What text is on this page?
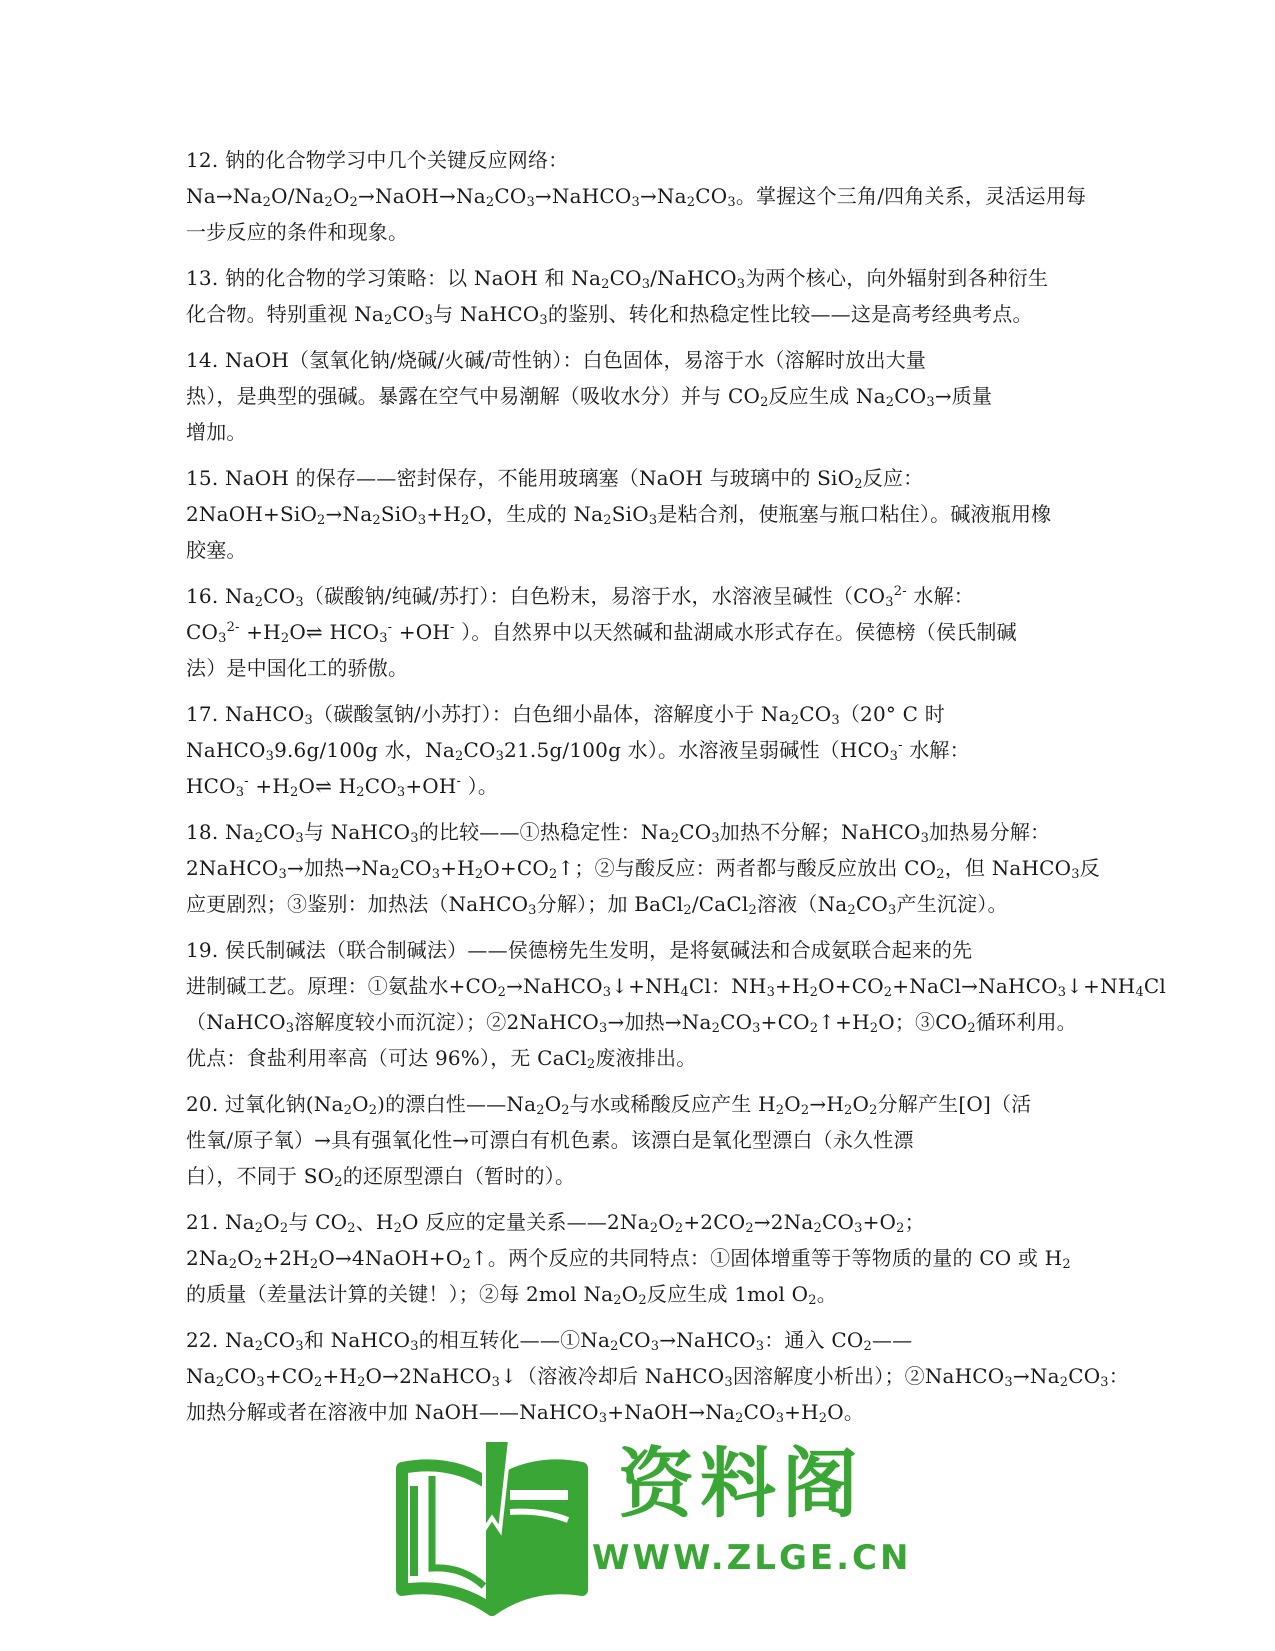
12. 钠的化合物学习中几个关键反应网络：
$Na\to Na_2O/Na_2O_2\to NaOH\to Na_2CO_3\to NaHCO_3\to Na_2CO_3$。掌握这个三角/四角关系，灵活运用每
一步反应的条件和现象。
13. 钠的化合物的学习策略：以 NaOH 和 $Na_2CO_3/NaHCO_3$为两个核心，向外辐射到各种衍生
化合物。特别重视 $Na_2CO_3$与 NaHCO$_3$的鉴别、转化和热稳定性比较——这是高考经典考点。
14. NaOH（氢氧化钠/烧碱/火碱/苛性钠）：白色固体，易溶于水（溶解时放出大量
热），是典型的强碱。暴露在空气中易潮解（吸收水分）并与 $CO_2$反应生成 $Na_2CO_3\to$质量
增加。
15. NaOH 的保存——密封保存，不能用玻璃塞（NaOH 与玻璃中的 SiO$_2$反应：
$2NaOH+SiO_2\to Na_2SiO_3+H_2O$，生成的 $Na_2SiO_3$是粘合剂，使瓶塞与瓶口粘住）。碱液瓶用橡
胶塞。
16. $Na_2CO_3$（碳酸钠/纯碱/苏打）：白色粉末，易溶于水，水溶液呈碱性（$CO_3^{2-}$ 水解：
$CO_3^{2-}$ $+H_2O\rightleftharpoons$ $HCO_3^- +OH^-$ ）。自然界中以天然碱和盐湖咸水形式存在。侯德榜（侯氏制碱
法）是中国化工的骄傲。
17. NaHCO$_3$（碳酸氢钠/小苏打）：白色细小晶体，溶解度小于 $Na_2CO_3(20^\circ$ C 时
NaHCO$_3$9.6g/100g 水，$Na_2CO_321.5g/100g$ 水）。水溶液呈弱碱性（$HCO_3^-$ 水解：
$HCO_3^-$ $+H_2O\rightleftharpoons$ $H_2CO_3+OH^-$ ）。
18. $Na_2CO_3$与 NaHCO$_3$的比较——①热稳定性：$Na_2CO_3$加热不分解；NaHCO$_3$加热易分解：
2NaHCO$_3$→加热$\to Na_2CO_3+H_2O+CO_2↑$；②与酸反应：两者都与酸反应放出 $CO_2$，但 NaHCO$_3$反
应更剧烈；③鉴别：加热法（NaHCO$_3$分解）；加 BaCl$_2$/CaCl$_2$溶液（$Na_2CO_3$产生沉淀）。
19. 侯氏制碱法（联合制碱法）——侯德榜先生发明，是将氨碱法和合成氨联合起来的先
进制碱工艺。原理：①氨盐水$+CO_2\to NaHCO_3↓+NH_4Cl$：$NH_3+H_2O+CO_2+NaCl\to NaHCO_3↓+NH_4Cl$
（NaHCO$_3$溶解度较小而沉淀）；②2NaHCO$_3$→加热$\to Na_2CO_3+CO_2↑+H_2O$；$③CO_2$循环利用。
优点：食盐利用率高（可达 96%），无 CaCl$_2$废液排出。
20. 过氧化钠$(Na_2O_2)$的漂白性$——Na_2O_2$与水或稀酸反应产生 $H_2O_2\to H_2O_2$分解产生[O]（活
性氧/原子氧）→具有强氧化性→可漂白有机色素。该漂白是氧化型漂白（永久性漂
白），不同于 $SO_2$的还原型漂白（暂时的）。
21. $Na_2O_2$与 $CO_2$、$H_2O$ 反应的定量关系$——2Na_2O_2+2CO_2\to 2Na_2CO_3+O_2$；
$2Na_2O_2+2H_2O\to 4NaOH+O_2↑$。两个反应的共同特点：①固体增重等于等物质的量的 CO 或 $H_2$
的质量（差量法计算的关键！）；②每 2mol $Na_2O_2$反应生成 1mol $O_2$。
22. $Na_2CO_3$和 NaHCO$_3$的相互转化$——①Na_2CO_3\to NaHCO_3$：通入 $CO_2——$
$Na_2CO_3+CO_2+H_2O\to 2NaHCO_3↓$（溶液冷却后 NaHCO$_3$因溶解度小析出）；$②NaHCO_3\to Na_2CO_3$：
加热分解或者在溶液中加 $NaOH——NaHCO_3+NaOH\to Na_2CO_3+H_2O$。
资料阁
WWW.ZLGE.CN
